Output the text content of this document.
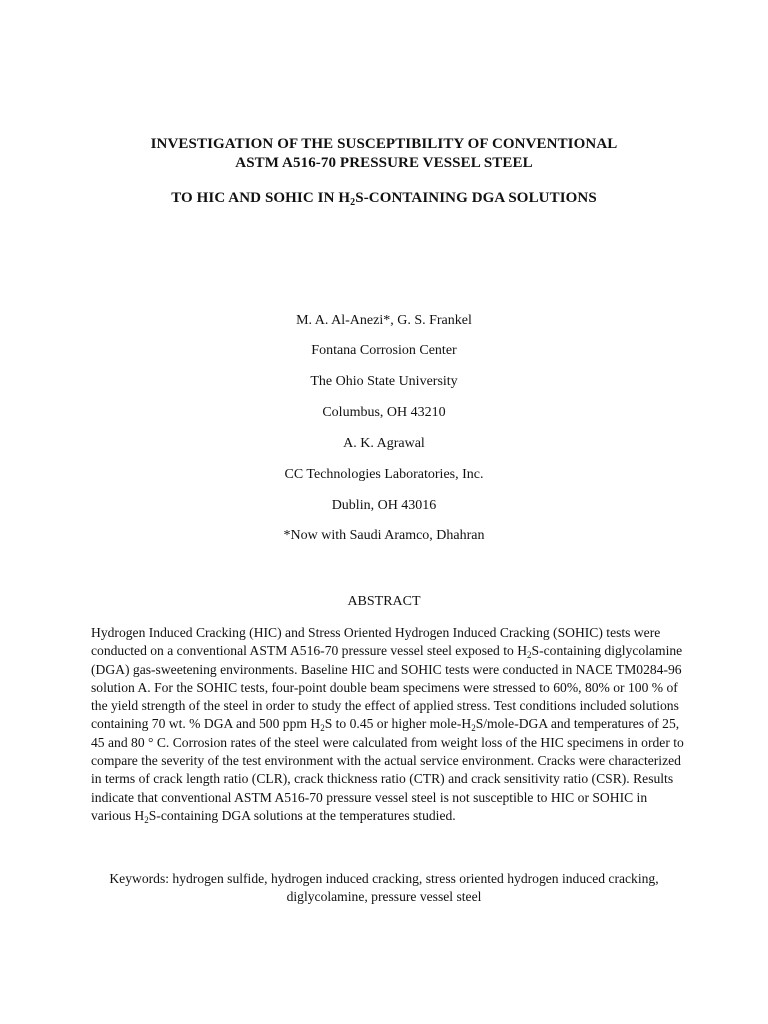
INVESTIGATION OF THE SUSCEPTIBILITY OF CONVENTIONAL
ASTM A516-70 PRESSURE VESSEL STEEL
TO HIC AND SOHIC IN $H_2S$-CONTAINING DGA SOLUTIONS
M. A. Al-Anezi*, G. S. Frankel
Fontana Corrosion Center
The Ohio State University
Columbus, OH 43210
A. K. Agrawal
CC Technologies Laboratories, Inc.
Dublin, OH 43016
*Now with Saudi Aramco, Dhahran
ABSTRACT
Hydrogen Induced Cracking (HIC) and Stress Oriented Hydrogen Induced Cracking (SOHIC) tests were conducted on a conventional ASTM A516-70 pressure vessel steel exposed to $H_2S$-containing diglycolamine (DGA) gas-sweetening environments. Baseline HIC and SOHIC tests were conducted in NACE TM0284-96 solution A. For the SOHIC tests, four-point double beam specimens were stressed to 60%, 80% or 100 % of the yield strength of the steel in order to study the effect of applied stress. Test conditions included solutions containing 70 wt. % DGA and 500 ppm $H_2S$ to 0.45 or higher mole-$H_2S/mole$-DGA and temperatures of 25, 45 and 80 ° C. Corrosion rates of the steel were calculated from weight loss of the HIC specimens in order to compare the severity of the test environment with the actual service environment. Cracks were characterized in terms of crack length ratio (CLR), crack thickness ratio (CTR) and crack sensitivity ratio (CSR). Results indicate that conventional ASTM A516-70 pressure vessel steel is not susceptible to HIC or SOHIC in various $H_2S$-containing DGA solutions at the temperatures studied.
Keywords: hydrogen sulfide, hydrogen induced cracking, stress oriented hydrogen induced cracking, diglycolamine, pressure vessel steel
